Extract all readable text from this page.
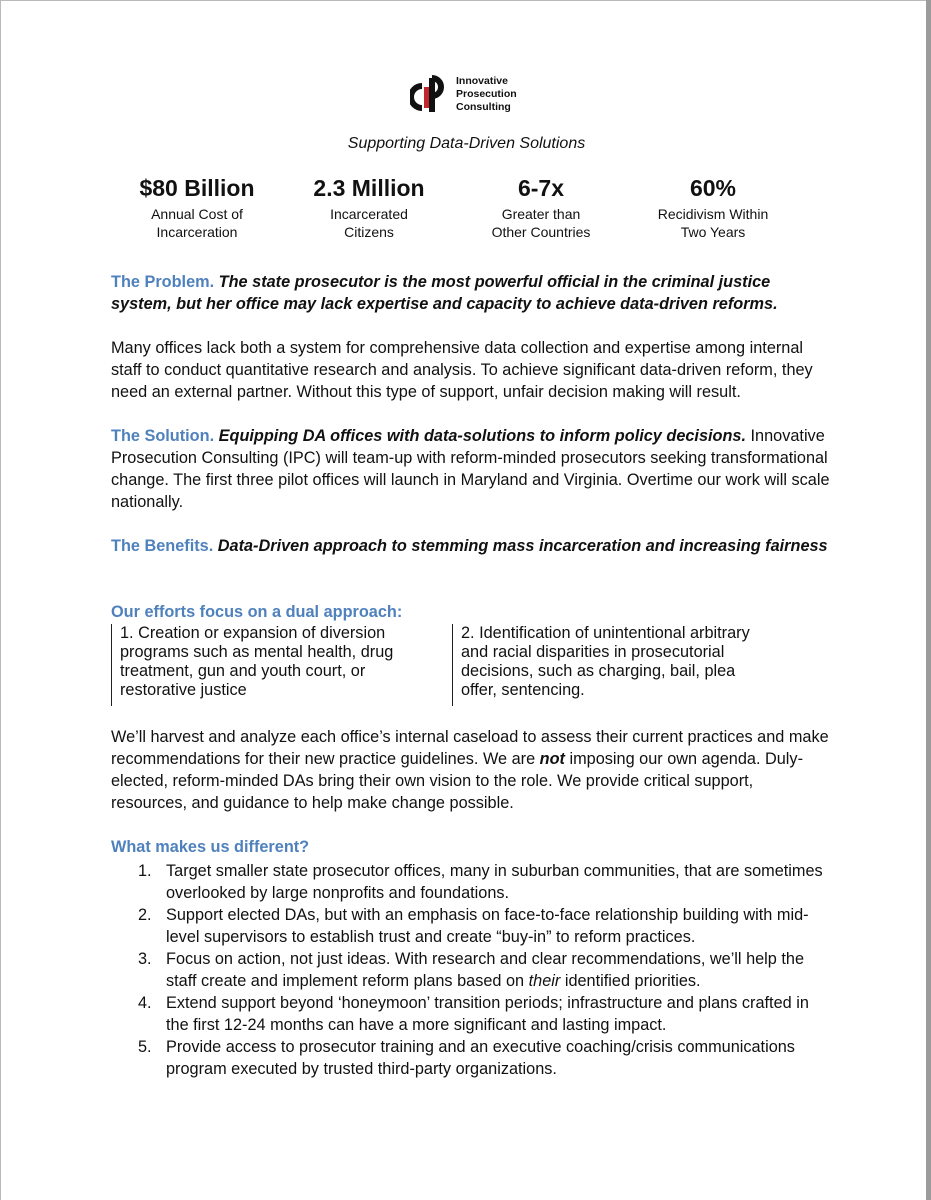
Innovative
Prosecution
Consulting
Supporting Data-Driven Solutions
$80 Billion
Annual Cost of
Incarceration
2.3 Million
Incarcerated
Citizens
6-7x
Greater than
Other Countries
60%
Recidivism Within
Two Years
The Problem. The state prosecutor is the most powerful official in the criminal justice system, but her office may lack expertise and capacity to achieve data-driven reforms.
Many offices lack both a system for comprehensive data collection and expertise among internal staff to conduct quantitative research and analysis. To achieve significant data-driven reform, they need an external partner. Without this type of support, unfair decision making will result.
The Solution. Equipping DA offices with data-solutions to inform policy decisions. Innovative Prosecution Consulting (IPC) will team-up with reform-minded prosecutors seeking transformational change. The first three pilot offices will launch in Maryland and Virginia. Overtime our work will scale nationally.
The Benefits. Data-Driven approach to stemming mass incarceration and increasing fairness
Our efforts focus on a dual approach:
1. Creation or expansion of diversion programs such as mental health, drug treatment, gun and youth court, or restorative justice
2. Identification of unintentional arbitrary and racial disparities in prosecutorial decisions, such as charging, bail, plea offer, sentencing.
We’ll harvest and analyze each office’s internal caseload to assess their current practices and make recommendations for their new practice guidelines. We are not imposing our own agenda. Duly-elected, reform-minded DAs bring their own vision to the role. We provide critical support, resources, and guidance to help make change possible.
What makes us different?
1. Target smaller state prosecutor offices, many in suburban communities, that are sometimes overlooked by large nonprofits and foundations.
2. Support elected DAs, but with an emphasis on face-to-face relationship building with mid-level supervisors to establish trust and create “buy-in” to reform practices.
3. Focus on action, not just ideas. With research and clear recommendations, we’ll help the staff create and implement reform plans based on their identified priorities.
4. Extend support beyond ‘honeymoon’ transition periods; infrastructure and plans crafted in the first 12-24 months can have a more significant and lasting impact.
5. Provide access to prosecutor training and an executive coaching/crisis communications program executed by trusted third-party organizations.
